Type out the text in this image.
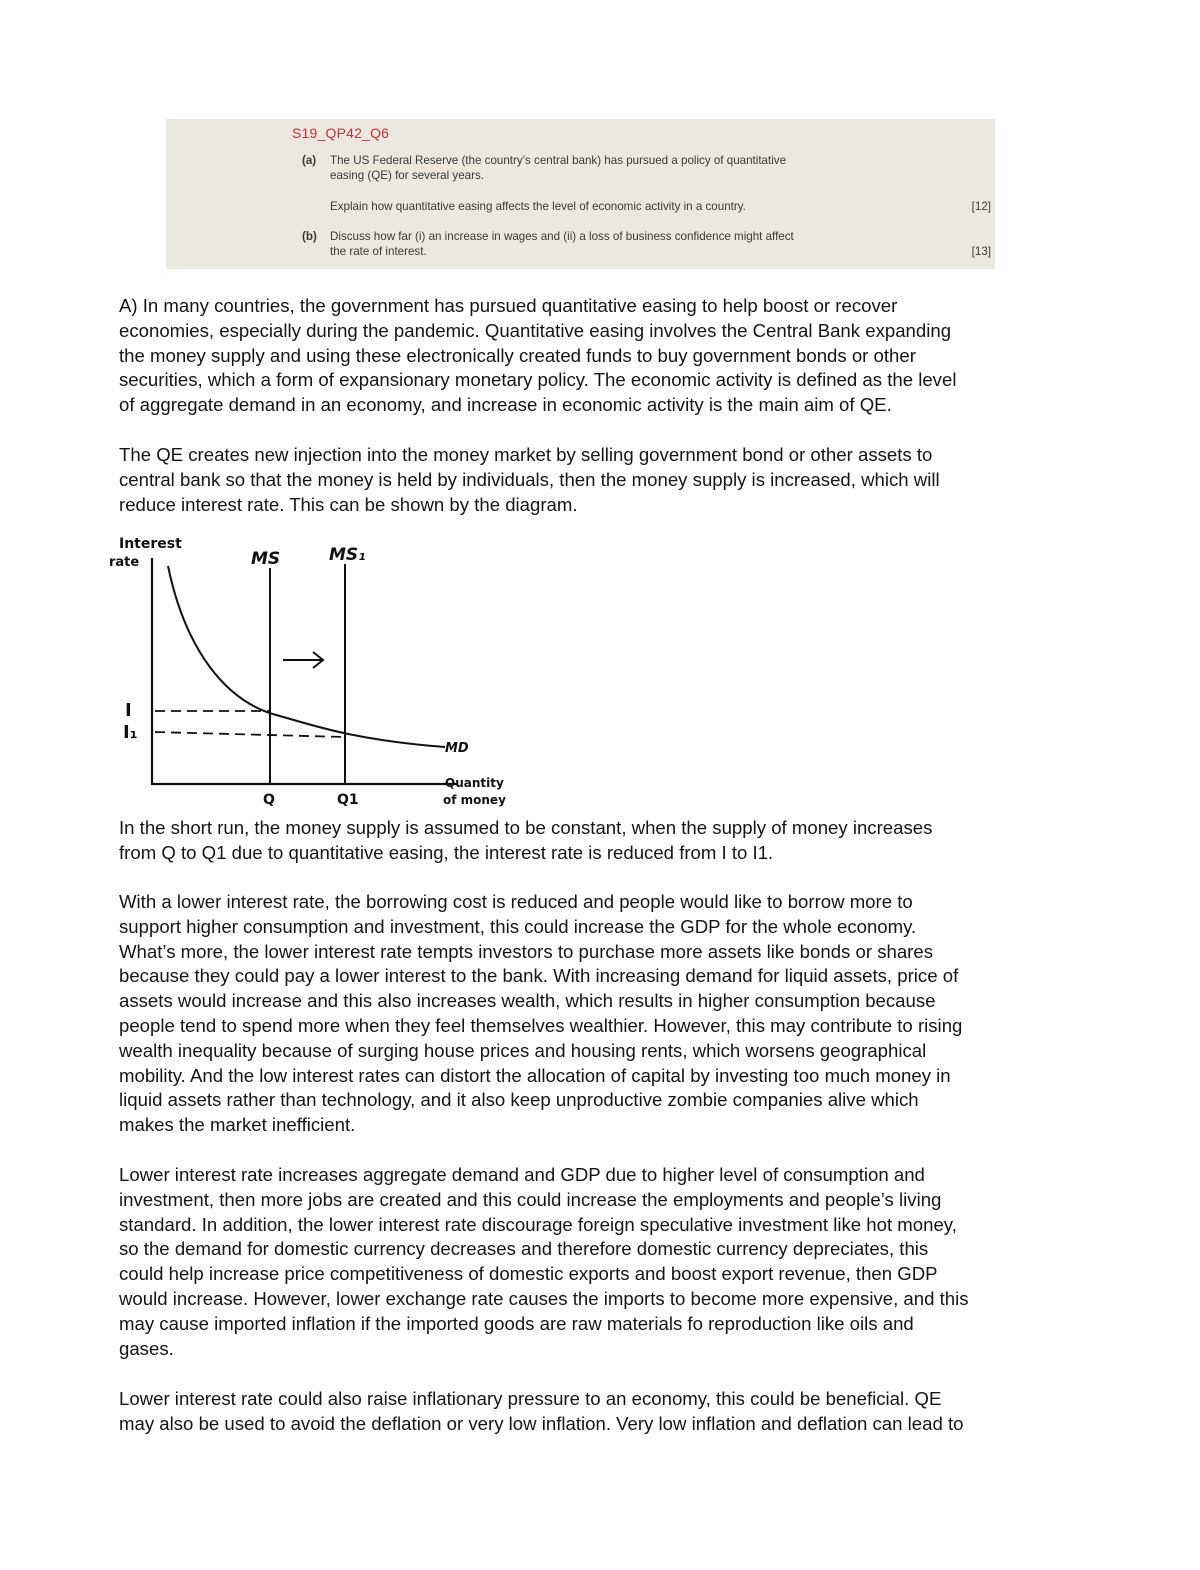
S19_QP42_Q6
(a) The US Federal Reserve (the country’s central bank) has pursued a policy of quantitative
easing (QE) for several years.
Explain how quantitative easing affects the level of economic activity in a country.	[12]
(b) Discuss how far (i) an increase in wages and (ii) a loss of business confidence might affect
the rate of interest.	[13]

A) In many countries, the government has pursued quantitative easing to help boost or recover
economies, especially during the pandemic. Quantitative easing involves the Central Bank expanding
the money supply and using these electronically created funds to buy government bonds or other
securities, which a form of expansionary monetary policy. The economic activity is defined as the level
of aggregate demand in an economy, and increase in economic activity is the main aim of QE.

The QE creates new injection into the money market by selling government bond or other assets to
central bank so that the money is held by individuals, then the money supply is increased, which will
reduce interest rate. This can be shown by the diagram.

Interest
rate	MS	MS₁
MD
I
I₁
Q	Q1
Quantity
of money

In the short run, the money supply is assumed to be constant, when the supply of money increases
from Q to Q1 due to quantitative easing, the interest rate is reduced from I to I1.

With a lower interest rate, the borrowing cost is reduced and people would like to borrow more to
support higher consumption and investment, this could increase the GDP for the whole economy.
What’s more, the lower interest rate tempts investors to purchase more assets like bonds or shares
because they could pay a lower interest to the bank. With increasing demand for liquid assets, price of
assets would increase and this also increases wealth, which results in higher consumption because
people tend to spend more when they feel themselves wealthier. However, this may contribute to rising
wealth inequality because of surging house prices and housing rents, which worsens geographical
mobility. And the low interest rates can distort the allocation of capital by investing too much money in
liquid assets rather than technology, and it also keep unproductive zombie companies alive which
makes the market inefficient.

Lower interest rate increases aggregate demand and GDP due to higher level of consumption and
investment, then more jobs are created and this could increase the employments and people’s living
standard. In addition, the lower interest rate discourage foreign speculative investment like hot money,
so the demand for domestic currency decreases and therefore domestic currency depreciates, this
could help increase price competitiveness of domestic exports and boost export revenue, then GDP
would increase. However, lower exchange rate causes the imports to become more expensive, and this
may cause imported inflation if the imported goods are raw materials fo reproduction like oils and
gases.

Lower interest rate could also raise inflationary pressure to an economy, this could be beneficial. QE
may also be used to avoid the deflation or very low inflation. Very low inflation and deflation can lead to
